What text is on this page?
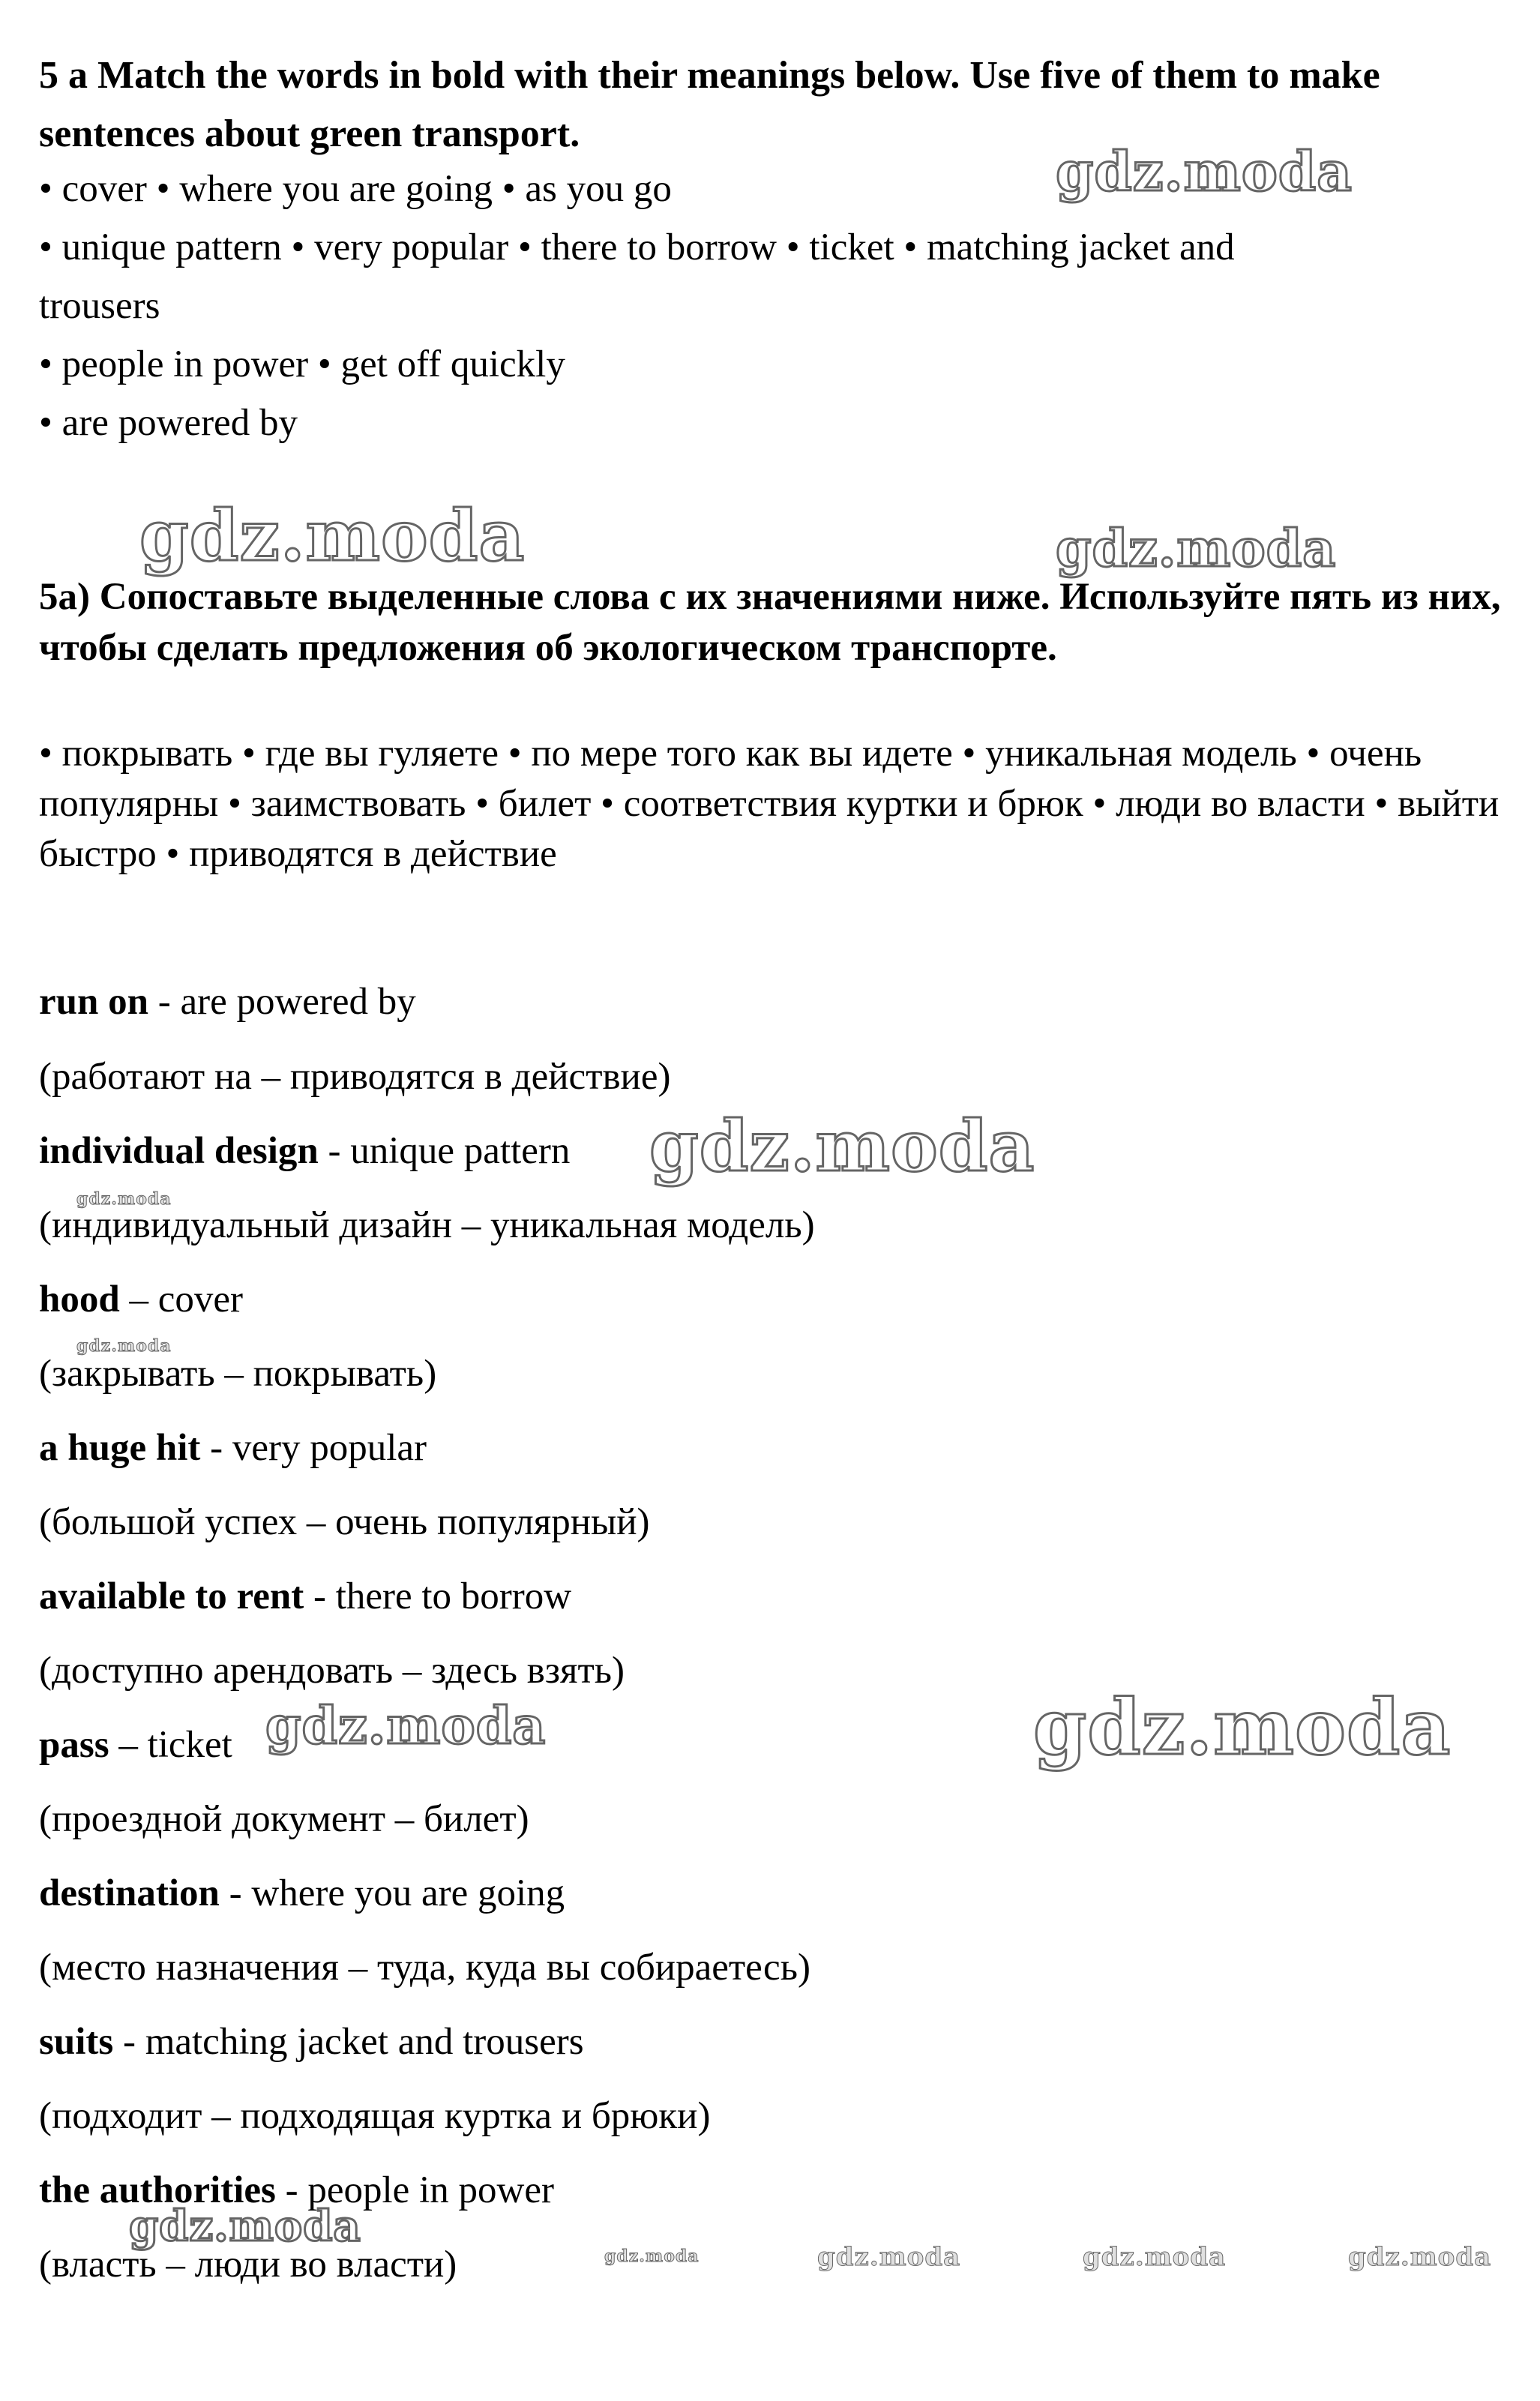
5 a Match the words in bold with their meanings below. Use five of them to make sentences about green transport.
• cover • where you are going • as you go
• unique pattern • very popular • there to borrow • ticket • matching jacket and
trousers
• people in power • get off quickly
• are powered by
5а) Сопоставьте выделенные слова с их значениями ниже. Используйте пять из них, чтобы сделать предложения об экологическом транспорте.
• покрывать • где вы гуляете • по мере того как вы идете • уникальная модель • очень популярны • заимствовать • билет • соответствия куртки и брюк • люди во власти • выйти быстро • приводятся в действие
run on - are powered by
(работают на – приводятся в действие)
individual design - unique pattern
(индивидуальный дизайн – уникальная модель)
hood – cover
(закрывать – покрывать)
a huge hit - very popular
(большой успех – очень популярный)
available to rent - there to borrow
(доступно арендовать – здесь взять)
pass – ticket
(проездной документ – билет)
destination - where you are going
(место назначения – туда, куда вы собираетесь)
suits - matching jacket and trousers
(подходит – подходящая куртка и брюки)
the authorities - people in power
(власть – люди во власти)
gdz.moda
gdz.moda	gdz.moda
gdz.moda
gdz.moda
gdz.moda
gdz.moda
gdz.moda
gdz.moda
gdz.moda	gdz.moda	gdz.moda	gdz.moda
